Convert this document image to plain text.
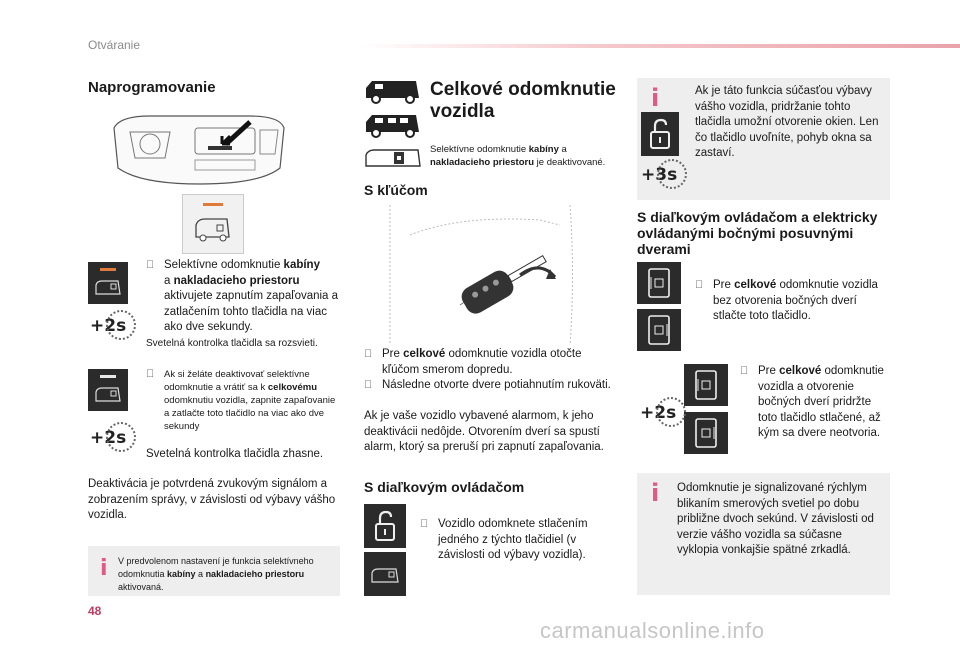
Otváranie
Naprogramovanie
+2s
Selektívne odomknutie kabíny
a nakladacieho priestoru
aktivujete zapnutím zapaľovania a zatlačením tohto tlačidla na viac ako dve sekundy.
Svetelná kontrolka tlačidla sa rozsvieti.
+2s
Ak si želáte deaktivovať selektívne odomknutie a vrátiť sa k celkovému odomknutiu vozidla, zapnite zapaľovanie a zatlačte toto tlačidlo na viac ako dve sekundy
Svetelná kontrolka tlačidla zhasne.
Deaktivácia je potvrdená zvukovým signálom a zobrazením správy, v závislosti od výbavy vášho vozidla.
i V predvolenom nastavení je funkcia selektívneho odomknutia kabíny a nakladacieho priestoru aktivovaná.
Celkové odomknutie vozidla
Selektívne odomknutie kabíny a
nakladacieho priestoru je deaktivované.
S kľúčom
Pre celkové odomknutie vozidla otočte kľúčom smerom dopredu.
Následne otvorte dvere potiahnutím rukoväti.
Ak je vaše vozidlo vybavené alarmom, k jeho deaktivácii nedôjde. Otvorením dverí sa spustí alarm, ktorý sa preruší pri zapnutí zapaľovania.
S diaľkovým ovládačom
Vozidlo odomknete stlačením jedného z týchto tlačidiel (v závislosti od výbavy vozidla).
i
+3s
Ak je táto funkcia súčasťou výbavy vášho vozidla, pridržanie tohto tlačidla umožní otvorenie okien. Len čo tlačidlo uvoľníte, pohyb okna sa zastaví.
S diaľkovým ovládačom a elektricky ovládanými bočnými posuvnými dverami
Pre celkové odomknutie vozidla bez otvorenia bočných dverí stlačte toto tlačidlo.
+2s
Pre celkové odomknutie vozidla a otvorenie bočných dverí pridržte toto tlačidlo stlačené, až kým sa dvere neotvoria.
i Odomknutie je signalizované rýchlym blikaním smerových svetiel po dobu približne dvoch sekúnd. V závislosti od verzie vášho vozidla sa súčasne vyklopia vonkajšie spätné zrkadlá.
48
carmanualsonline.info
